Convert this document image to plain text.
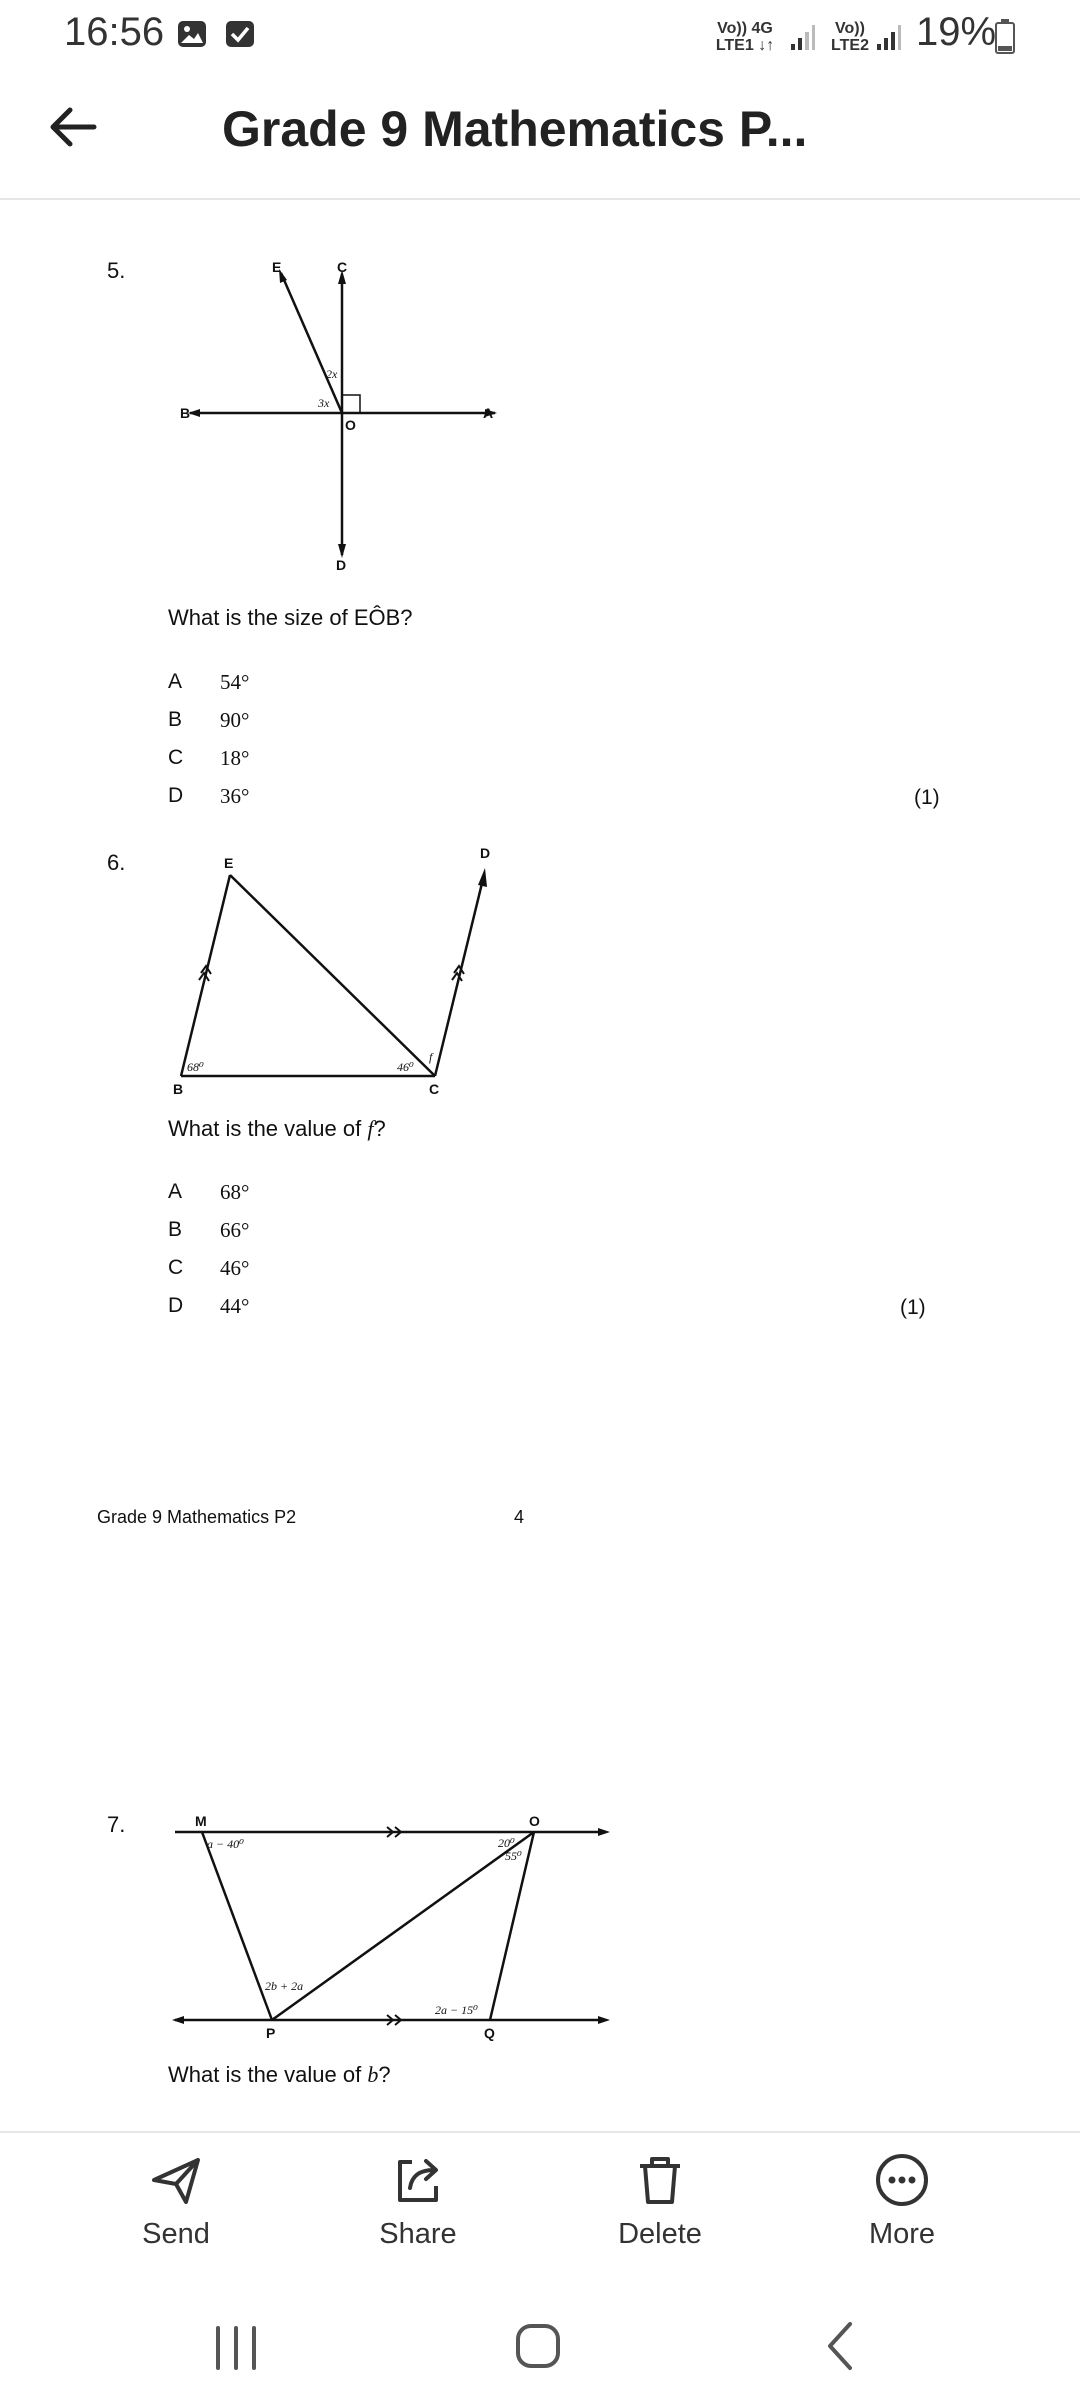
16:56	Vo)) 4G
LTE1 ↓↑
Vo))
LTE2 19%
Grade 9 Mathematics P...
5.	E	C
B	A
O
D
2x
3x
What is the size of EÔB?
A 54°
B 90°
C 18°
D 36°	(1)
6.	E
D
B	C
68⁰	46⁰
f
What is the value of f?
A 68°
B 66°
C 46°
D 44°	(1)
Grade 9 Mathematics P2	4
7.	M	O
P	Q
a − 40⁰	20⁰
55⁰
2b + 2a
2a − 15⁰
What is the value of b?
Send	Share	Delete	More
